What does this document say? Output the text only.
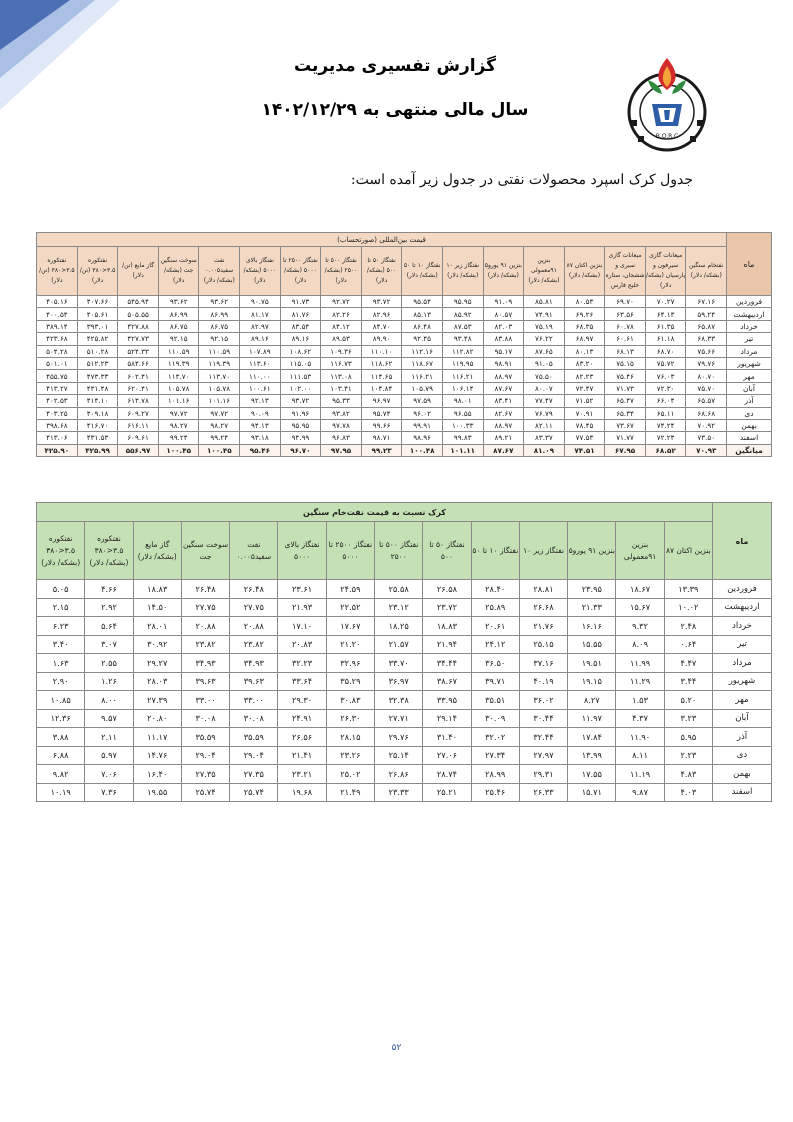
گزارش تفسیری مدیریت
سال مالی منتهی به ۱۴۰۲/۱۲/۲۹
B.O.R.C
جدول کرک اسپرد محصولات نفتی در جدول زیر آمده است:
ماه	قیمت بین‌المللی (صورتحساب)																
	نفتخام سنگین (بشکه/ دلار)	میعانات گازی سیرفون و پارسیان (بشکه/ دلار)	میعانات گازی سیری و ششجان، ستاره خلیج فارس	بنزین اکتان ۸۷ (بشکه/ دلار)	بنزین ۹۱معمولی (بشکه/ دلار)	بنزین ۹۱ یورو۵ (بشکه/ دلار)	نفتگاز زیر ۱۰ (بشکه/ دلار)	نفتگاز ۱۰ تا ۵۰ (بشکه/ دلار)	نفتگاز ۵۰ تا ۵۰۰ (بشکه/ دلار)	نفتگاز ۵۰۰ تا ۲۵۰۰ (بشکه/ دلار)	نفتگاز ۲۵۰۰ تا ۵۰۰۰ (بشکه/ دلار)	نفتگاز بالای ۵۰۰۰ (بشکه/ دلار)	نفت سفید۰.۰۰۵ (بشکه/ دلار)	سوخت سنگین جت (بشکه/ دلار)	گاز مایع (تن/ دلار)	نفتکوره ۳.۵<۳۸۰ (تن/ دلار)	نفتکوره ۳.۵<۳۸۰ (تن/ دلار)
فروردین	۶۷.۱۶	۷۰.۲۷	۶۹.۷۰	۸۰.۵۳	۸۵.۸۱	۹۱.۰۹	۹۵.۹۵	۹۵.۵۴	۹۳.۷۲	۹۲.۷۲	۹۱.۷۳	۹۰.۷۵	۹۳.۶۲	۹۳.۶۲	۵۴۵.۹۴	۴۰۷.۶۶	۴۰۵.۱۶
اردیبهشت	۵۹.۲۴	۶۴.۱۳	۶۳.۵۶	۶۹.۲۶	۷۴.۹۱	۸۰.۵۷	۸۵.۹۲	۸۵.۱۳	۸۲.۹۶	۸۲.۲۶	۸۱.۷۶	۸۱.۱۷	۸۶.۹۹	۸۶.۹۹	۵۰۵.۵۵	۴۰۵.۶۱	۴۰۰.۵۴
خرداد	۶۵.۸۷	۶۱.۳۵	۶۰.۷۸	۶۸.۳۵	۷۵.۱۹	۸۲.۰۳	۸۷.۵۳	۸۶.۴۸	۸۴.۷۰	۸۴.۱۲	۸۳.۵۴	۸۲.۹۷	۸۶.۷۵	۸۶.۷۵	۴۲۷.۸۸	۳۹۳.۰۱	۳۸۹.۱۴
تیر	۶۸.۳۳	۶۱.۱۸	۶۰.۶۱	۶۸.۹۷	۷۶.۲۲	۸۳.۸۸	۹۳.۴۸	۹۲.۴۵	۸۹.۹۰	۸۹.۵۳	۸۹.۱۶	۸۹.۱۶	۹۲.۱۵	۹۲.۱۵	۴۲۷.۷۳	۴۲۵.۸۲	۴۲۳.۶۸
مرداد	۷۵.۶۶	۶۸.۷۰	۶۸.۱۳	۸۰.۱۳	۸۷.۶۵	۹۵.۱۷	۱۱۲.۸۲	۱۱۲.۱۶	۱۱۰.۱۰	۱۰۹.۳۶	۱۰۸.۶۲	۱۰۷.۸۹	۱۱۰.۵۹	۱۱۰.۵۹	۵۲۴.۳۳	۵۱۰.۲۸	۵۰۴.۲۸
شهریور	۷۹.۷۶	۷۵.۷۲	۷۵.۱۵	۸۳.۲۰	۹۱.۰۵	۹۸.۹۱	۱۱۹.۹۵	۱۱۸.۶۷	۱۱۸.۶۲	۱۱۶.۷۳	۱۱۵.۰۵	۱۱۳.۶۰	۱۱۹.۳۹	۱۱۹.۳۹	۵۸۴.۶۶	۵۱۲.۲۳	۵۰۱.۰۱
مهر	۸۰.۷۰	۷۶.۰۳	۷۵.۴۶	۸۲.۲۳	۷۵.۵۰	۸۸.۹۷	۱۱۶.۲۱	۱۱۶.۲۱	۱۱۴.۶۵	۱۱۳.۰۸	۱۱۱.۵۳	۱۱۰.۰۰	۱۱۳.۷۰	۱۱۳.۷۰	۶۰۲.۴۱	۴۷۳.۳۳	۴۵۵.۷۵
آبان	۷۵.۷۰	۷۲.۳۰	۷۱.۷۳	۷۲.۴۷	۸۰.۰۷	۸۷.۶۷	۱۰۶.۱۴	۱۰۵.۷۹	۱۰۴.۸۴	۱۰۳.۴۱	۱۰۲.۰۰	۱۰۰.۶۱	۱۰۵.۷۸	۱۰۵.۷۸	۶۲۰.۴۱	۴۳۱.۴۸	۴۱۳.۲۷
آذر	۶۵.۵۷	۶۶.۰۴	۶۵.۴۷	۷۱.۵۲	۷۷.۴۷	۸۳.۴۱	۹۸.۰۱	۹۷.۵۹	۹۶.۹۷	۹۵.۳۳	۹۳.۷۲	۹۲.۱۳	۱۰۱.۱۶	۱۰۱.۱۶	۶۱۴.۷۸	۴۱۴.۱۰	۴۰۲.۵۳
دی	۶۸.۶۸	۶۵.۱۱	۶۵.۳۴	۷۰.۹۱	۷۶.۷۹	۸۲.۶۷	۹۶.۵۵	۹۶.۰۲	۹۵.۷۴	۹۳.۸۲	۹۱.۹۶	۹۰.۰۹	۹۷.۷۲	۹۷.۷۲	۶۰۹.۲۷	۴۰۹.۱۸	۴۰۳.۲۵
بهمن	۷۰.۹۲	۷۴.۲۴	۷۳.۶۷	۷۸.۴۵	۸۲.۱۱	۸۸.۹۷	۱۰۰.۳۳	۹۹.۹۱	۹۹.۶۶	۹۷.۷۸	۹۵.۹۵	۹۴.۱۳	۹۸.۲۷	۹۸.۲۷	۶۱۶.۱۱	۴۱۶.۷۰	۳۹۸.۶۸
اسفند	۷۳.۵۰	۷۲.۲۴	۷۱.۷۷	۷۷.۵۳	۸۳.۳۷	۸۹.۲۱	۹۹.۸۳	۹۸.۹۶	۹۸.۷۱	۹۶.۸۳	۹۴.۹۹	۹۳.۱۸	۹۹.۲۴	۹۹.۲۴	۶۰۹.۶۱	۴۳۱.۵۳	۴۱۳.۰۶
میانگین	۷۰.۹۳	۶۸.۵۲	۶۷.۹۵	۷۴.۵۱	۸۱.۰۹	۸۷.۶۷	۱۰۱.۱۱	۱۰۰.۴۸	۹۹.۲۳	۹۷.۹۵	۹۶.۷۰	۹۵.۴۶	۱۰۰.۴۵	۱۰۰.۴۵	۵۵۶.۹۷	۴۲۵.۹۹	۴۲۵.۹۰
ماه	کرک نسبت به قیمت نفت‌خام سنگین													
	بنزین اکتان ۸۷	بنزین ۹۱معمولی	بنزین ۹۱ یورو۵	نفتگاز زیر ۱۰	نفتگاز ۱۰ تا ۵۰	نفتگاز ۵۰ تا ۵۰۰	نفتگاز ۵۰۰ تا ۲۵۰۰	نفتگاز ۲۵۰۰ تا ۵۰۰۰	نفتگاز بالای ۵۰۰۰	نفت سفید۰.۰۰۵	سوخت سنگین جت	گاز مایع (بشکه/ دلار)	نفتکوره ۳.۵<۳۸۰ (بشکه/ دلار)	نفتکوره ۳.۵<۳۸۰ (بشکه/ دلار)
فروردین	۱۳.۳۹	۱۸.۶۷	۲۳.۹۵	۲۸.۸۱	۲۸.۴۰	۲۶.۵۸	۲۵.۵۸	۲۴.۵۹	۲۳.۶۱	۲۶.۴۸	۲۶.۴۸	۱۸.۸۳	۴.۶۶	۵.۰۵
اردیبهشت	۱۰.۰۲	۱۵.۶۷	۲۱.۳۳	۲۶.۶۸	۲۵.۸۹	۲۳.۷۲	۲۳.۱۲	۲۲.۵۲	۲۱.۹۳	۲۷.۷۵	۲۷.۷۵	۱۴.۵۰	۲.۹۲	۲.۱۵
خرداد	۲.۴۸	۹.۳۲	۱۶.۱۶	۲۱.۷۶	۲۰.۶۱	۱۸.۸۳	۱۸.۲۵	۱۷.۶۷	۱۷.۱۰	۲۰.۸۸	۲۰.۸۸	۲۸.۰۱	۵.۶۴	۶.۲۳
تیر	۰.۶۴	۸.۰۹	۱۵.۵۵	۲۵.۱۵	۲۴.۱۲	۲۱.۹۴	۲۱.۵۷	۲۱.۲۰	۲۰.۸۳	۲۳.۸۲	۲۳.۸۲	۳۰.۹۲	۳.۰۷	۳.۴۰
مرداد	۴.۴۷	۱۱.۹۹	۱۹.۵۱	۳۷.۱۶	۳۶.۵۰	۳۴.۴۴	۳۳.۷۰	۳۲.۹۶	۳۲.۲۳	۳۴.۹۳	۳۴.۹۳	۲۹.۲۷	۲.۵۵	۱.۶۳
شهریور	۳.۴۴	۱۱.۲۹	۱۹.۱۵	۴۰.۱۹	۳۹.۷۱	۳۸.۶۷	۳۶.۹۷	۳۵.۲۹	۳۳.۶۴	۳۹.۶۳	۳۹.۶۳	۲۸.۰۳	۱.۲۶	۲.۹۰
مهر	۵.۲۰	۱.۵۳	۸.۲۷	۳۶.۰۲	۳۵.۵۱	۳۳.۹۵	۳۲.۳۸	۳۰.۸۳	۲۹.۳۰	۳۳.۰۰	۳۳.۰۰	۲۷.۳۹	۸.۰۰	۱۰.۸۵
آبان	۳.۲۳	۴.۳۷	۱۱.۹۷	۳۰.۴۴	۳۰.۰۹	۲۹.۱۴	۲۷.۷۱	۲۶.۳۰	۲۴.۹۱	۳۰.۰۸	۳۰.۰۸	۲۰.۸۰	۹.۵۷	۱۲.۳۶
آذر	۵.۹۵	۱۱.۹۰	۱۷.۸۴	۳۲.۴۴	۳۲.۰۲	۳۱.۴۰	۲۹.۷۶	۲۸.۱۵	۲۶.۵۶	۳۵.۵۹	۳۵.۵۹	۱۱.۱۷	۲.۱۱	۳.۸۸
دی	۲.۲۳	۸.۱۱	۱۳.۹۹	۲۷.۹۷	۲۷.۳۴	۲۷.۰۶	۲۵.۱۴	۲۳.۲۶	۲۱.۴۱	۲۹.۰۴	۲۹.۰۴	۱۴.۷۶	۵.۹۷	۶.۸۸
بهمن	۴.۸۳	۱۱.۱۹	۱۷.۵۵	۲۹.۳۱	۲۸.۹۹	۲۸.۷۴	۲۶.۸۶	۲۵.۰۲	۲۳.۲۱	۲۷.۳۵	۲۷.۳۵	۱۶.۴۰	۷.۰۶	۹.۸۲
اسفند	۴.۰۳	۹.۸۷	۱۵.۷۱	۲۶.۳۳	۲۵.۴۶	۲۵.۲۱	۲۳.۳۳	۲۱.۴۹	۱۹.۶۸	۲۵.۷۴	۲۵.۷۴	۱۹.۵۵	۷.۳۶	۱۰.۱۹
۵۲
